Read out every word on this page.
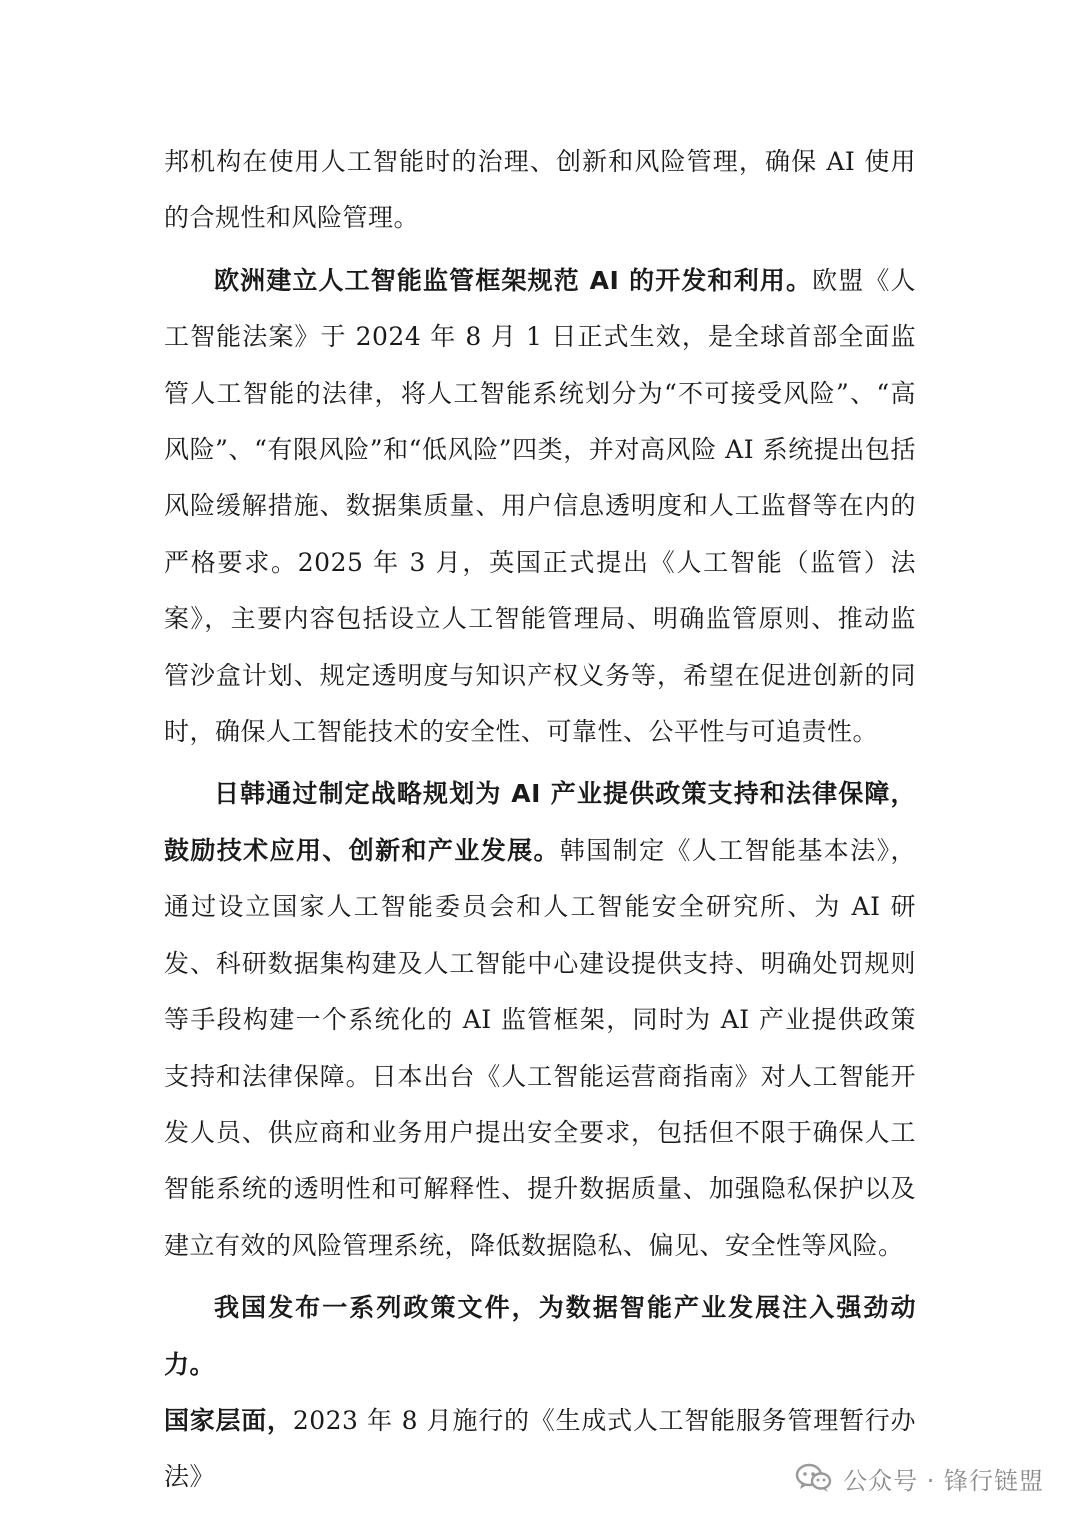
邦机构在使用人工智能时的治理、创新和风险管理，确保 AI 使用的合规性和风险管理。

欧洲建立人工智能监管框架规范 AI 的开发和利用。欧盟《人工智能法案》于 2024 年 8 月 1 日正式生效，是全球首部全面监管人工智能的法律，将人工智能系统划分为“不可接受风险”、“高风险”、“有限风险”和“低风险”四类，并对高风险 AI 系统提出包括风险缓解措施、数据集质量、用户信息透明度和人工监督等在内的严格要求。2025 年 3 月，英国正式提出《人工智能（监管）法案》，主要内容包括设立人工智能管理局、明确监管原则、推动监管沙盒计划、规定透明度与知识产权义务等，希望在促进创新的同时，确保人工智能技术的安全性、可靠性、公平性与可追责性。

日韩通过制定战略规划为 AI 产业提供政策支持和法律保障，鼓励技术应用、创新和产业发展。韩国制定《人工智能基本法》，通过设立国家人工智能委员会和人工智能安全研究所、为 AI 研发、科研数据集构建及人工智能中心建设提供支持、明确处罚规则等手段构建一个系统化的 AI 监管框架，同时为 AI 产业提供政策支持和法律保障。日本出台《人工智能运营商指南》对人工智能开发人员、供应商和业务用户提出安全要求，包括但不限于确保人工智能系统的透明性和可解释性、提升数据质量、加强隐私保护以及建立有效的风险管理系统，降低数据隐私、偏见、安全性等风险。

我国发布一系列政策文件，为数据智能产业发展注入强劲动力。
国家层面，2023 年 8 月施行的《生成式人工智能服务管理暂行办法》	公众号 · 锋行链盟
